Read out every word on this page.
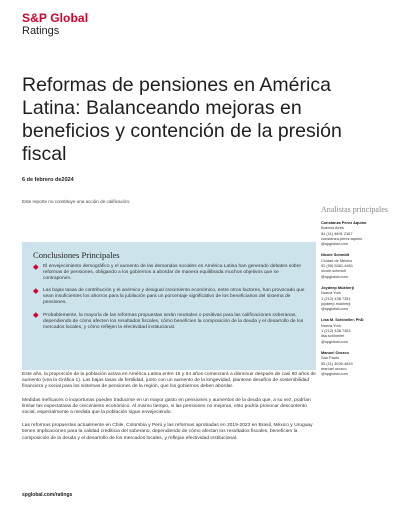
S&P Global
Ratings
Reformas de pensiones en América Latina: Balanceando mejoras en beneficios y contención de la presión fiscal
6 de febrero de2024
Este reporte no constituye una acción de calificación.
Analistas principales
Constanza Pérez Aquino
Buenos Aires
54 (11) 4891 2167
constanza.perez.aquino
@spglobal.com
Nicole Schmidt
Ciudad de México
52 (55) 5081-4451
nicole.schmidt
@spglobal.com
Joydeep Mukherji
Nueva York
1 (212) 438 7351
joydeep.mukherji
@spglobal.com
Lisa M. Schineller, PhD
Nueva York
1 (212) 438 7352
lisa.schineller
@spglobal.com
Manuel Orozco
Sao Paulo
55 (11) 3039-4819
manuel.orozco
@spglobal.com
Conclusiones Principales
El envejecimiento demográfico y el aumento de las demandas sociales en América Latina han generado debates sobre reformas de pensiones, obligando a los gobiernos a abordar de manera equilibrada muchos objetivos que se contraponen.
Las bajas tasas de contribución y el anémico y desigual crecimiento económico, entre otros factores, han provocado que sean insuficientes los ahorros para la jubilación para un porcentaje significativo de los beneficiarios del sistema de pensiones.
Probablemente, la mayoría de las reformas propuestas serán neutrales o positivas para las calificaciones soberanas, dependiendo de cómo afecten los resultados fiscales, cómo beneficien la composición de la deuda y el desarrollo de los mercados locales, y cómo reflejen la efectividad institucional.

Este año, la proporción de la población activa en América Latina entre 15 y 64 años comenzará a disminuir después de casi 60 años de aumento (vea la Gráfica 1). Las bajas tasas de fertilidad, junto con un aumento de la longevidad, plantean desafíos de sostenibilidad financiera y social para los sistemas de pensiones de la región, que los gobiernos deben abordar.

Medidas ineficaces o inoportunas pueden traducirse en un mayor gasto en pensiones y aumentos de la deuda que, a su vez, podrían limitar las expectativas de crecimiento económico. Al mismo tiempo, si las pensiones no mejoran, esto podría provocar descontento social, especialmente a medida que la población sigue envejeciendo.

Las reformas propuestas actualmente en Chile, Colombia y Perú y las reformas aprobadas en 2019-2023 en Brasil, México y Uruguay tienen implicaciones para la calidad crediticia del soberano, dependiendo de cómo afectan los resultados fiscales, beneficien la composición de la deuda y el desarrollo de los mercados locales, y reflejan efectividad institucional.

spglobal.com/ratings
